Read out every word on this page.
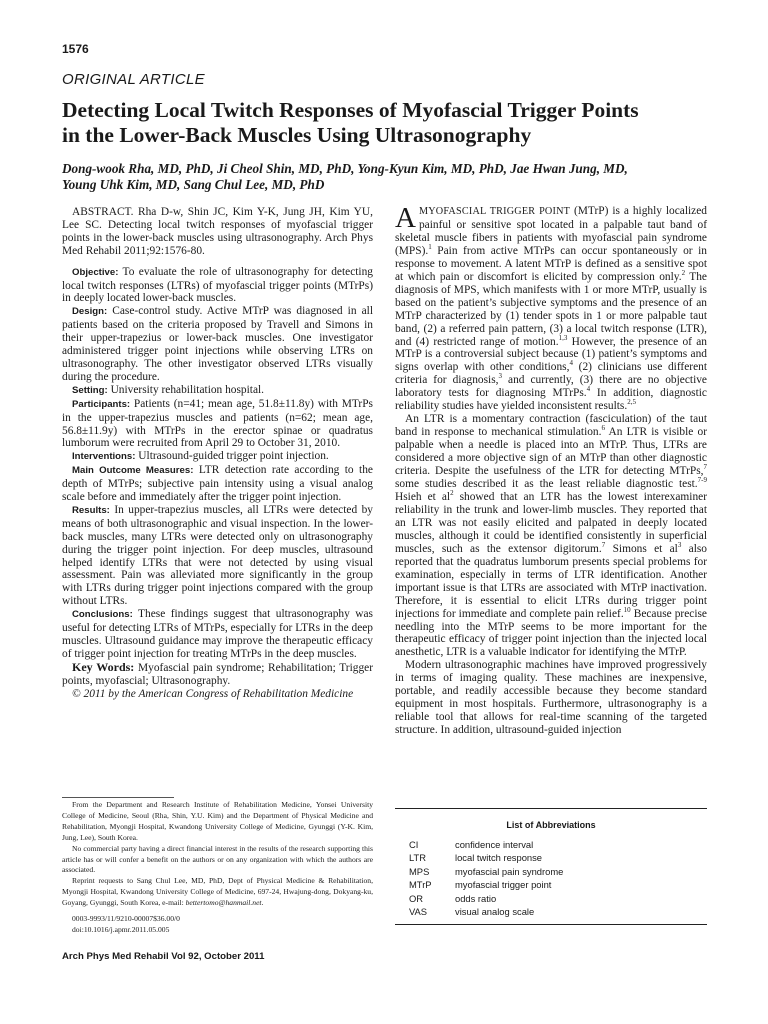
1576
ORIGINAL ARTICLE
Detecting Local Twitch Responses of Myofascial Trigger Points
in the Lower-Back Muscles Using Ultrasonography

Dong-wook Rha, MD, PhD, Ji Cheol Shin, MD, PhD, Yong-Kyun Kim, MD, PhD, Jae Hwan Jung, MD,
Young Uhk Kim, MD, Sang Chul Lee, MD, PhD

ABSTRACT. Rha D-w, Shin JC, Kim Y-K, Jung JH, Kim YU, Lee SC. Detecting local twitch responses of myofascial trigger points in the lower-back muscles using ultrasonography. Arch Phys Med Rehabil 2011;92:1576-80.

Objective: To evaluate the role of ultrasonography for detecting local twitch responses (LTRs) of myofascial trigger points (MTrPs) in deeply located lower-back muscles.

Design: Case-control study. Active MTrP was diagnosed in all patients based on the criteria proposed by Travell and Simons in their upper-trapezius or lower-back muscles. One investigator administered trigger point injections while observing LTRs on ultrasonography. The other investigator observed LTRs visually during the procedure.

Setting: University rehabilitation hospital.

Participants: Patients (n=41; mean age, 51.8±11.8y) with MTrPs in the upper-trapezius muscles and patients (n=62; mean age, 56.8±11.9y) with MTrPs in the erector spinae or quadratus lumborum were recruited from April 29 to October 31, 2010.

Interventions: Ultrasound-guided trigger point injection.

Main Outcome Measures: LTR detection rate according to the depth of MTrPs; subjective pain intensity using a visual analog scale before and immediately after the trigger point injection.

Results: In upper-trapezius muscles, all LTRs were detected by means of both ultrasonographic and visual inspection. In the lower-back muscles, many LTRs were detected only on ultrasonography during the trigger point injection. For deep muscles, ultrasound helped identify LTRs that were not detected by using visual assessment. Pain was alleviated more significantly in the group with LTRs during trigger point injections compared with the group without LTRs.

Conclusions: These findings suggest that ultrasonography was useful for detecting LTRs of MTrPs, especially for LTRs in the deep muscles. Ultrasound guidance may improve the therapeutic efficacy of trigger point injection for treating MTrPs in the deep muscles.

Key Words: Myofascial pain syndrome; Rehabilitation; Trigger points, myofascial; Ultrasonography.

© 2011 by the American Congress of Rehabilitation Medicine

AMYOFASCIAL TRIGGER POINT (MTrP) is a highly localized painful or sensitive spot located in a palpable taut band of skeletal muscle fibers in patients with myofascial pain syndrome (MPS).$^1$ Pain from active MTrPs can occur spontaneously or in response to movement. A latent MTrP is defined as a sensitive spot at which pain or discomfort is elicited by compression only.$^2$ The diagnosis of MPS, which manifests with 1 or more MTrP, usually is based on the patient’s subjective symptoms and the presence of an MTrP characterized by (1) tender spots in 1 or more palpable taut band, (2) a referred pain pattern, (3) a local twitch response (LTR), and (4) restricted range of motion.$^{1,3}$ However, the presence of an MTrP is a controversial subject because (1) patient’s symptoms and signs overlap with other conditions,$^4$ (2) clinicians use different criteria for diagnosis,$^3$ and currently, (3) there are no objective laboratory tests for diagnosing MTrPs.$^4$ In addition, diagnostic reliability studies have yielded inconsistent results.$^{2,5}$

An LTR is a momentary contraction (fasciculation) of the taut band in response to mechanical stimulation.$^6$ An LTR is visible or palpable when a needle is placed into an MTrP. Thus, LTRs are considered a more objective sign of an MTrP than other diagnostic criteria. Despite the usefulness of the LTR for detecting MTrPs,$^7$ some studies described it as the least reliable diagnostic test.$^{7-9}$ Hsieh et $al^2$ showed that an LTR has the lowest interexaminer reliability in the trunk and lower-limb muscles. They reported that an LTR was not easily elicited and palpated in deeply located muscles, although it could be identified consistently in superficial muscles, such as the extensor digitorum.$^7$ Simons et $al^3$ also reported that the quadratus lumborum presents special problems for examination, especially in terms of LTR identification. Another important issue is that LTRs are associated with MTrP inactivation. Therefore, it is essential to elicit LTRs during trigger point injections for immediate and complete pain relief.$^{10}$ Because precise needling into the MTrP seems to be more important for the therapeutic efficacy of trigger point injection than the injected local anesthetic, LTR is a valuable indicator for identifying the MTrP.

Modern ultrasonographic machines have improved progressively in terms of imaging quality. These machines are inexpensive, portable, and readily accessible because they become standard equipment in most hospitals. Furthermore, ultrasonography is a reliable tool that allows for real-time scanning of the targeted structure. In addition, ultrasound-guided injection

From the Department and Research Institute of Rehabilitation Medicine, Yonsei University College of Medicine, Seoul (Rha, Shin, Y.U. Kim) and the Department of Physical Medicine and Rehabilitation, Myongji Hospital, Kwandong University College of Medicine, Gyunggi (Y-K. Kim, Jung, Lee), South Korea.

No commercial party having a direct financial interest in the results of the research supporting this article has or will confer a benefit on the authors or on any organization with which the authors are associated.

Reprint requests to Sang Chul Lee, MD, PhD, Dept of Physical Medicine & Rehabilitation, Myongji Hospital, Kwandong University College of Medicine, 697-24, Hwajung-dong, Dokyang-ku, Goyang, Gyunggi, South Korea, e-mail: bettertomo@hanmail.net.

0003-9993/11/9210-00007$36.00/0
doi:10.1016/j.apmr.2011.05.005
List of Abbreviations
CI	confidence interval
LTR	local twitch response
MPS	myofascial pain syndrome
MTrP	myofascial trigger point
OR	odds ratio
VAS	visual analog scale
Arch Phys Med Rehabil Vol 92, October 2011
